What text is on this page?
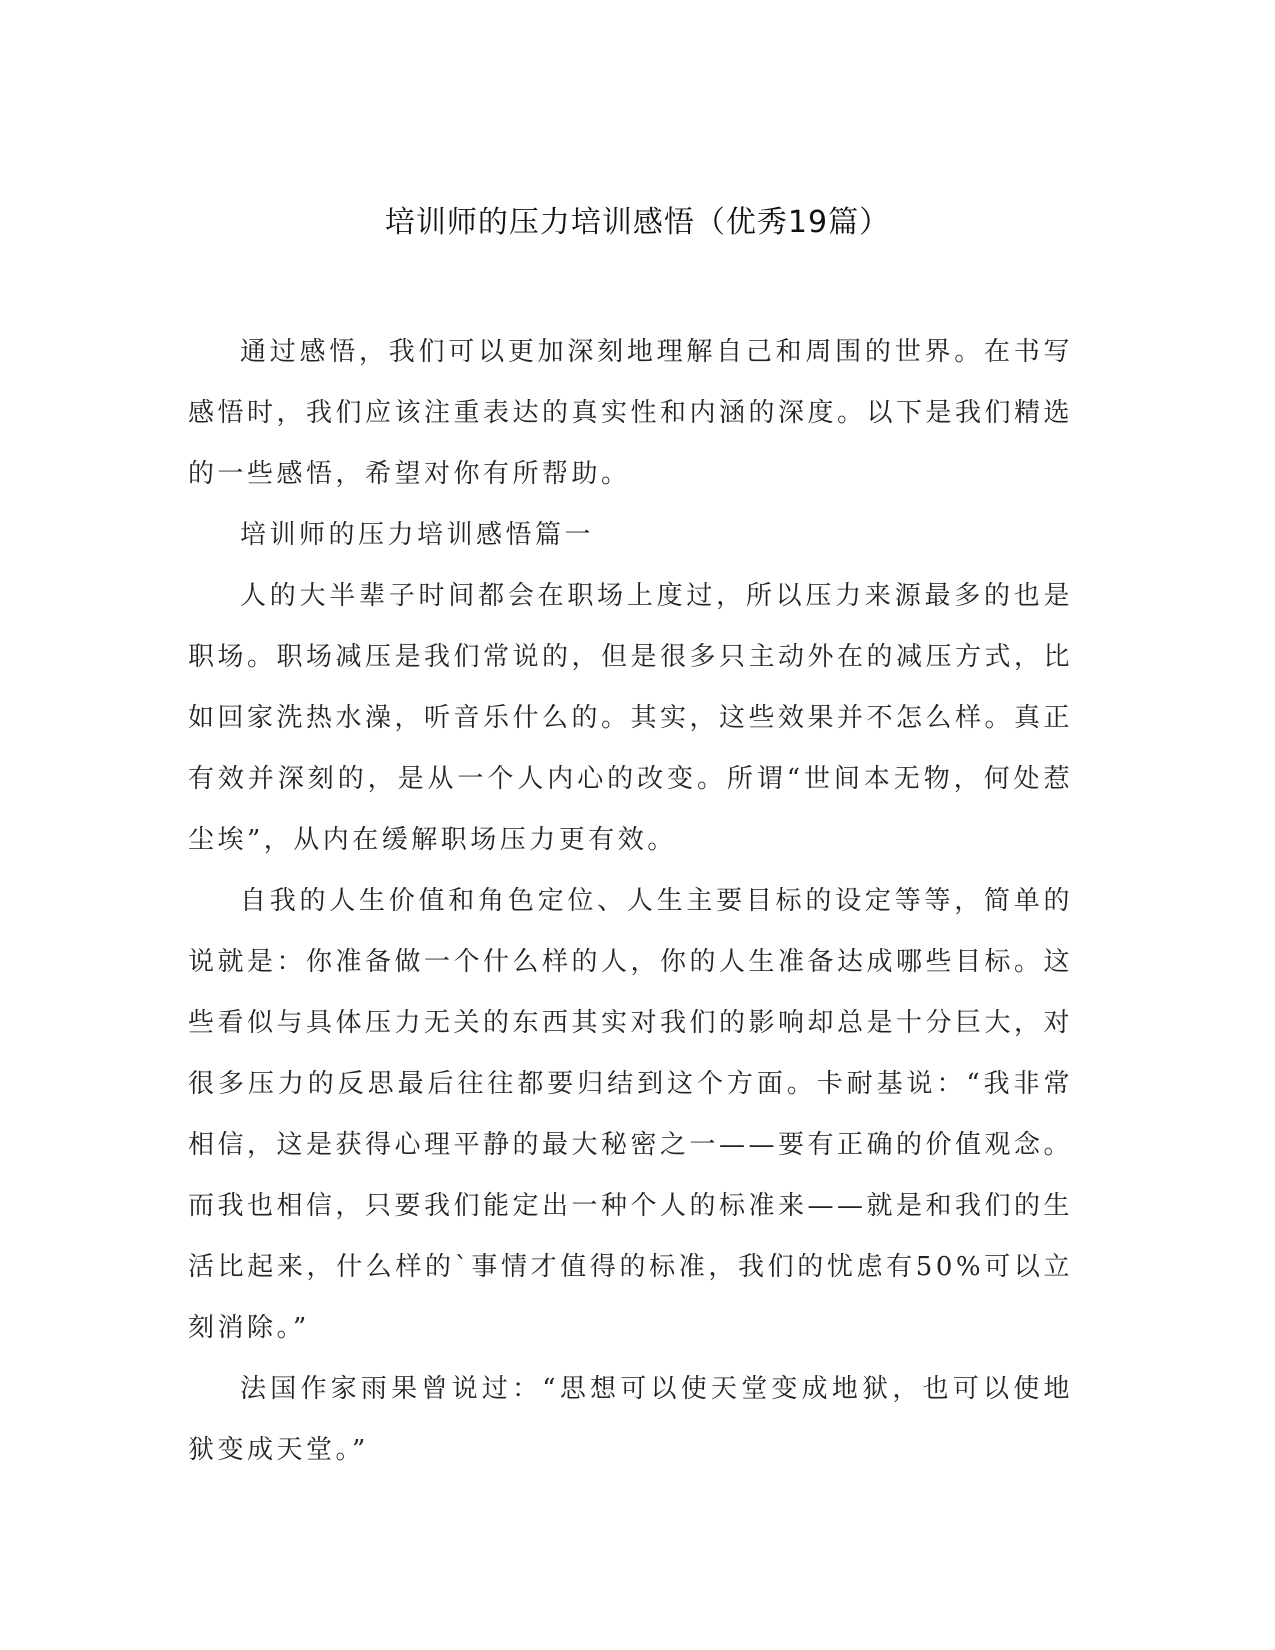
培训师的压力培训感悟（优秀19篇）

通过感悟，我们可以更加深刻地理解自己和周围的世界。在书写感悟时，我们应该注重表达的真实性和内涵的深度。以下是我们精选的一些感悟，希望对你有所帮助。

培训师的压力培训感悟篇一

人的大半辈子时间都会在职场上度过，所以压力来源最多的也是职场。职场减压是我们常说的，但是很多只主动外在的减压方式，比如回家洗热水澡，听音乐什么的。其实，这些效果并不怎么样。真正有效并深刻的，是从一个人内心的改变。所谓“世间本无物，何处惹尘埃”，从内在缓解职场压力更有效。

自我的人生价值和角色定位、人生主要目标的设定等等，简单的说就是：你准备做一个什么样的人，你的人生准备达成哪些目标。这些看似与具体压力无关的东西其实对我们的影响却总是十分巨大，对很多压力的反思最后往往都要归结到这个方面。卡耐基说：“我非常相信，这是获得心理平静的最大秘密之一——要有正确的价值观念。而我也相信，只要我们能定出一种个人的标准来——就是和我们的生活比起来，什么样的`事情才值得的标准，我们的忧虑有50%可以立刻消除。”

法国作家雨果曾说过：“思想可以使天堂变成地狱，也可以使地狱变成天堂。”
